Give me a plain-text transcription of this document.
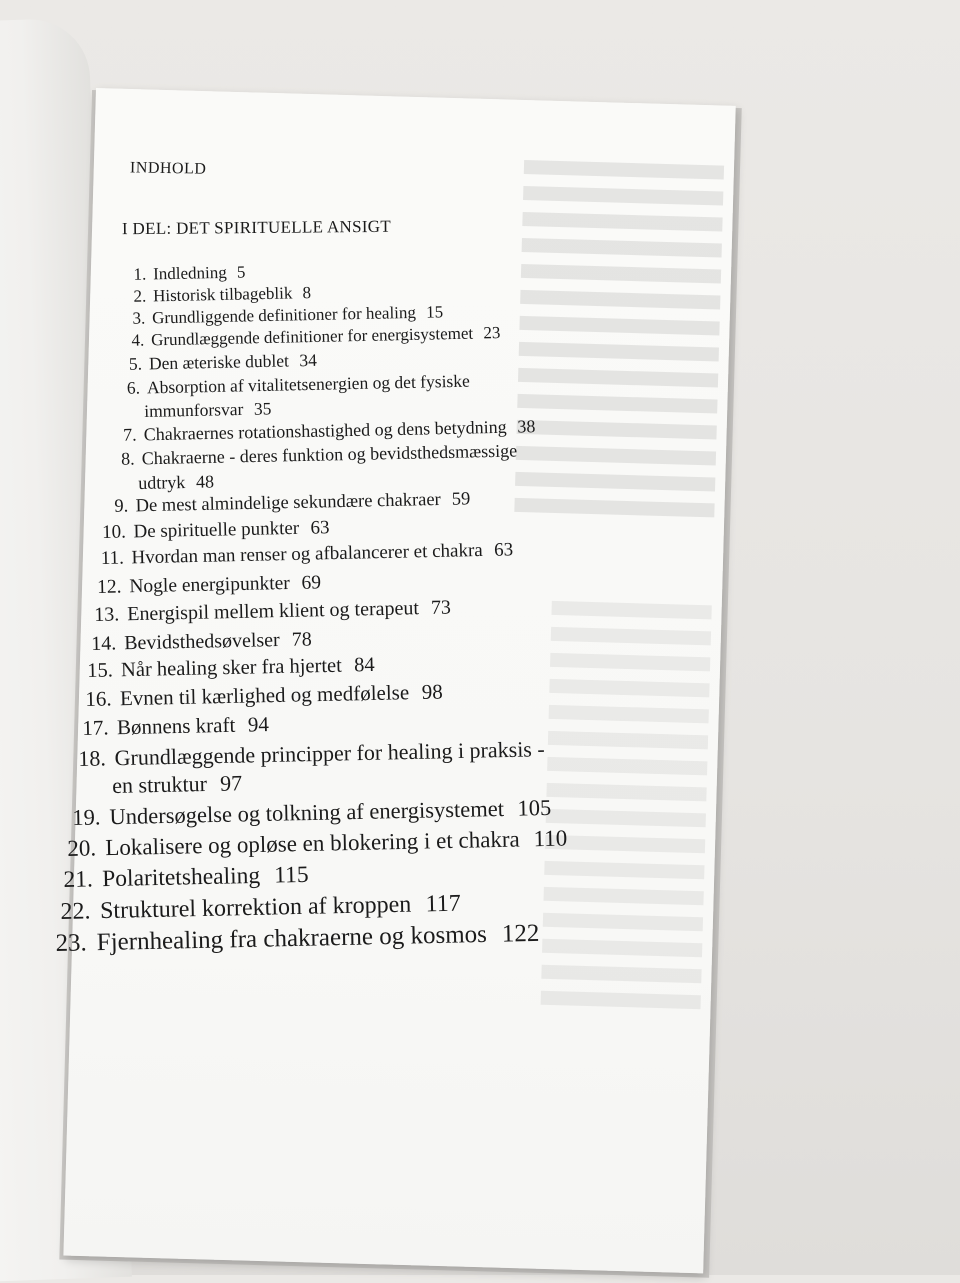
INDHOLD
I DEL: DET SPIRITUELLE ANSIGT
1. Indledning 5
2. Historisk tilbageblik 8
3. Grundliggende definitioner for healing 15
4. Grundlæggende definitioner for energisystemet 23
5. Den æteriske dublet 34
6. Absorption af vitalitetsenergien og det fysiske
immunforsvar 35
7. Chakraernes rotationshastighed og dens betydning 38
8. Chakraerne - deres funktion og bevidsthedsmæssige
udtryk 48
9. De mest almindelige sekundære chakraer 59
10. De spirituelle punkter 63
11. Hvordan man renser og afbalancerer et chakra 63
12. Nogle energipunkter 69
13. Energispil mellem klient og terapeut 73
14. Bevidsthedsøvelser 78
15. Når healing sker fra hjertet 84
16. Evnen til kærlighed og medfølelse 98
17. Bønnens kraft 94
18. Grundlæggende principper for healing i praksis -
en struktur 97
19. Undersøgelse og tolkning af energisystemet 105
20. Lokalisere og opløse en blokering i et chakra 110
21. Polaritetshealing 115
22. Strukturel korrektion af kroppen 117
23. Fjernhealing fra chakraerne og kosmos 122
